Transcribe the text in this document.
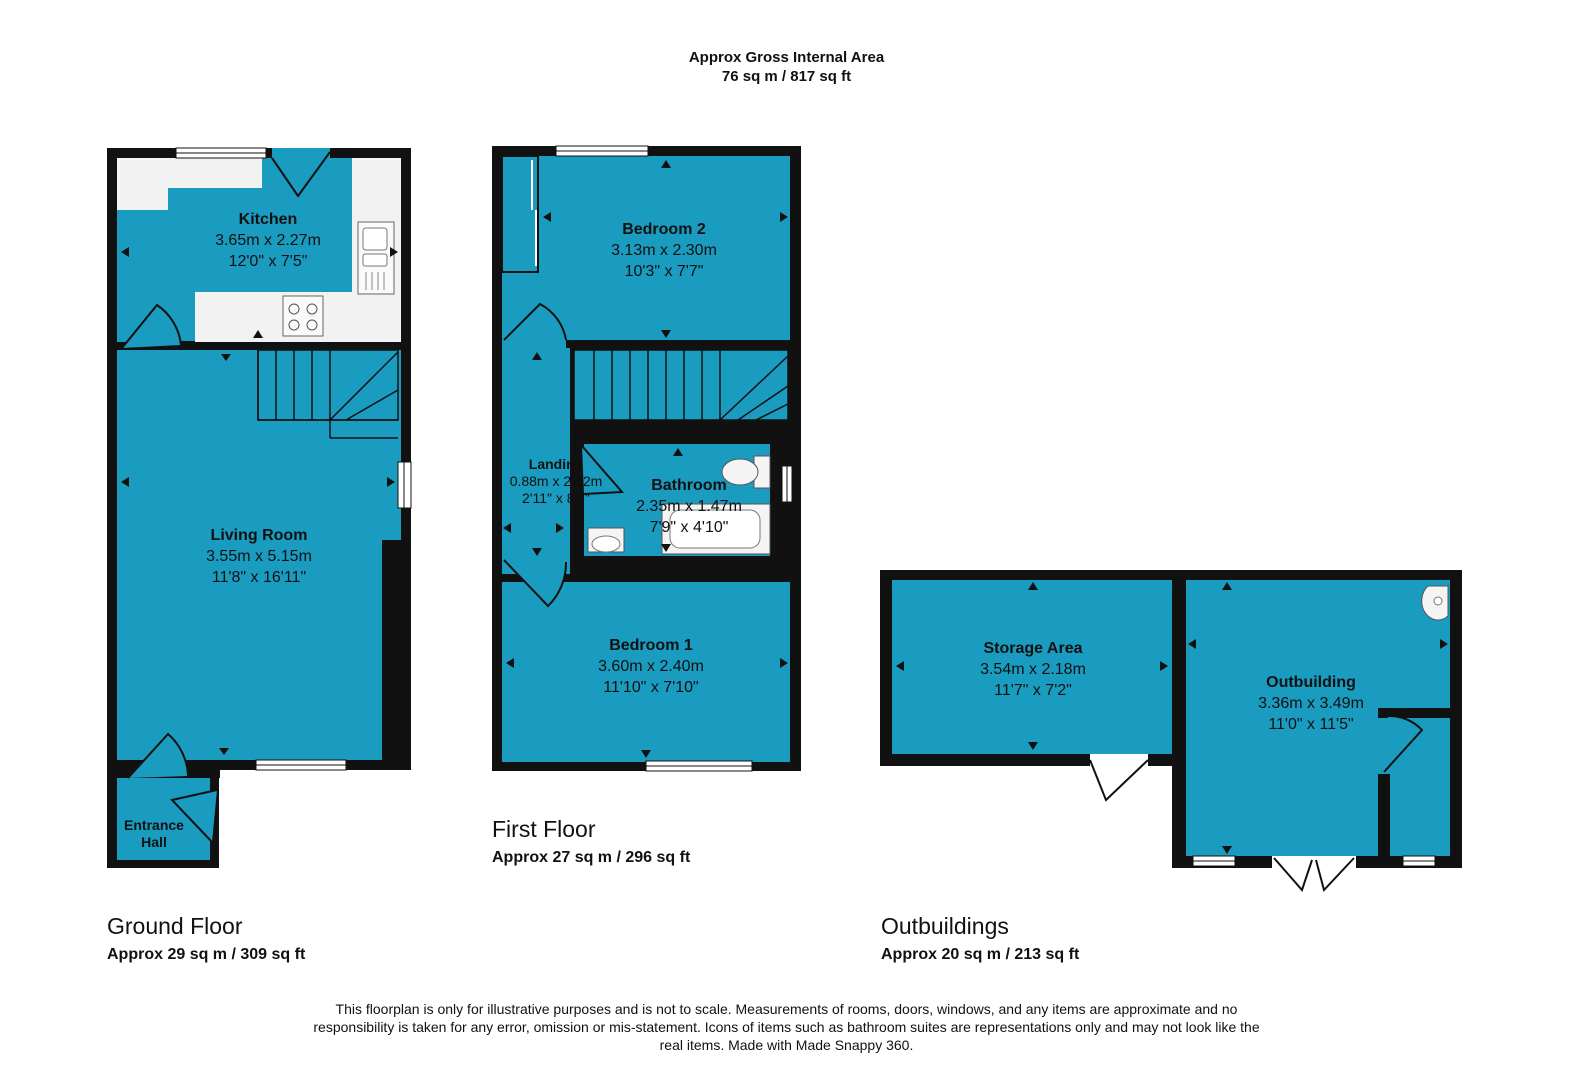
Kitchen
3.65m x 2.27m
12'0" x 7'5"
Living Room
3.55m x 5.15m
11'8" x 16'11"
Entrance
Hall
Bedroom 2
3.13m x 2.30m
10'3" x 7'7"
Landing
0.88m x 2.62m
2'11" x 8'7"
Bathroom
2.35m x 1.47m
7'9" x 4'10"
Bedroom 1
3.60m x 2.40m
11'10" x 7'10"
Storage Area
3.54m x 2.18m
11'7" x 7'2"	Outbuilding
3.36m x 3.49m
11'0" x 11'5"
Approx Gross Internal Area
76 sq m / 817 sq ft
Ground Floor
Approx 29 sq m / 309 sq ft
First Floor
Approx 27 sq m / 296 sq ft
Outbuildings
Approx 20 sq m / 213 sq ft
This floorplan is only for illustrative purposes and is not to scale. Measurements of rooms, doors, windows, and any items are approximate and no responsibility is taken for any error, omission or mis-statement. Icons of items such as bathroom suites are representations only and may not look like the real items. Made with Made Snappy 360.
